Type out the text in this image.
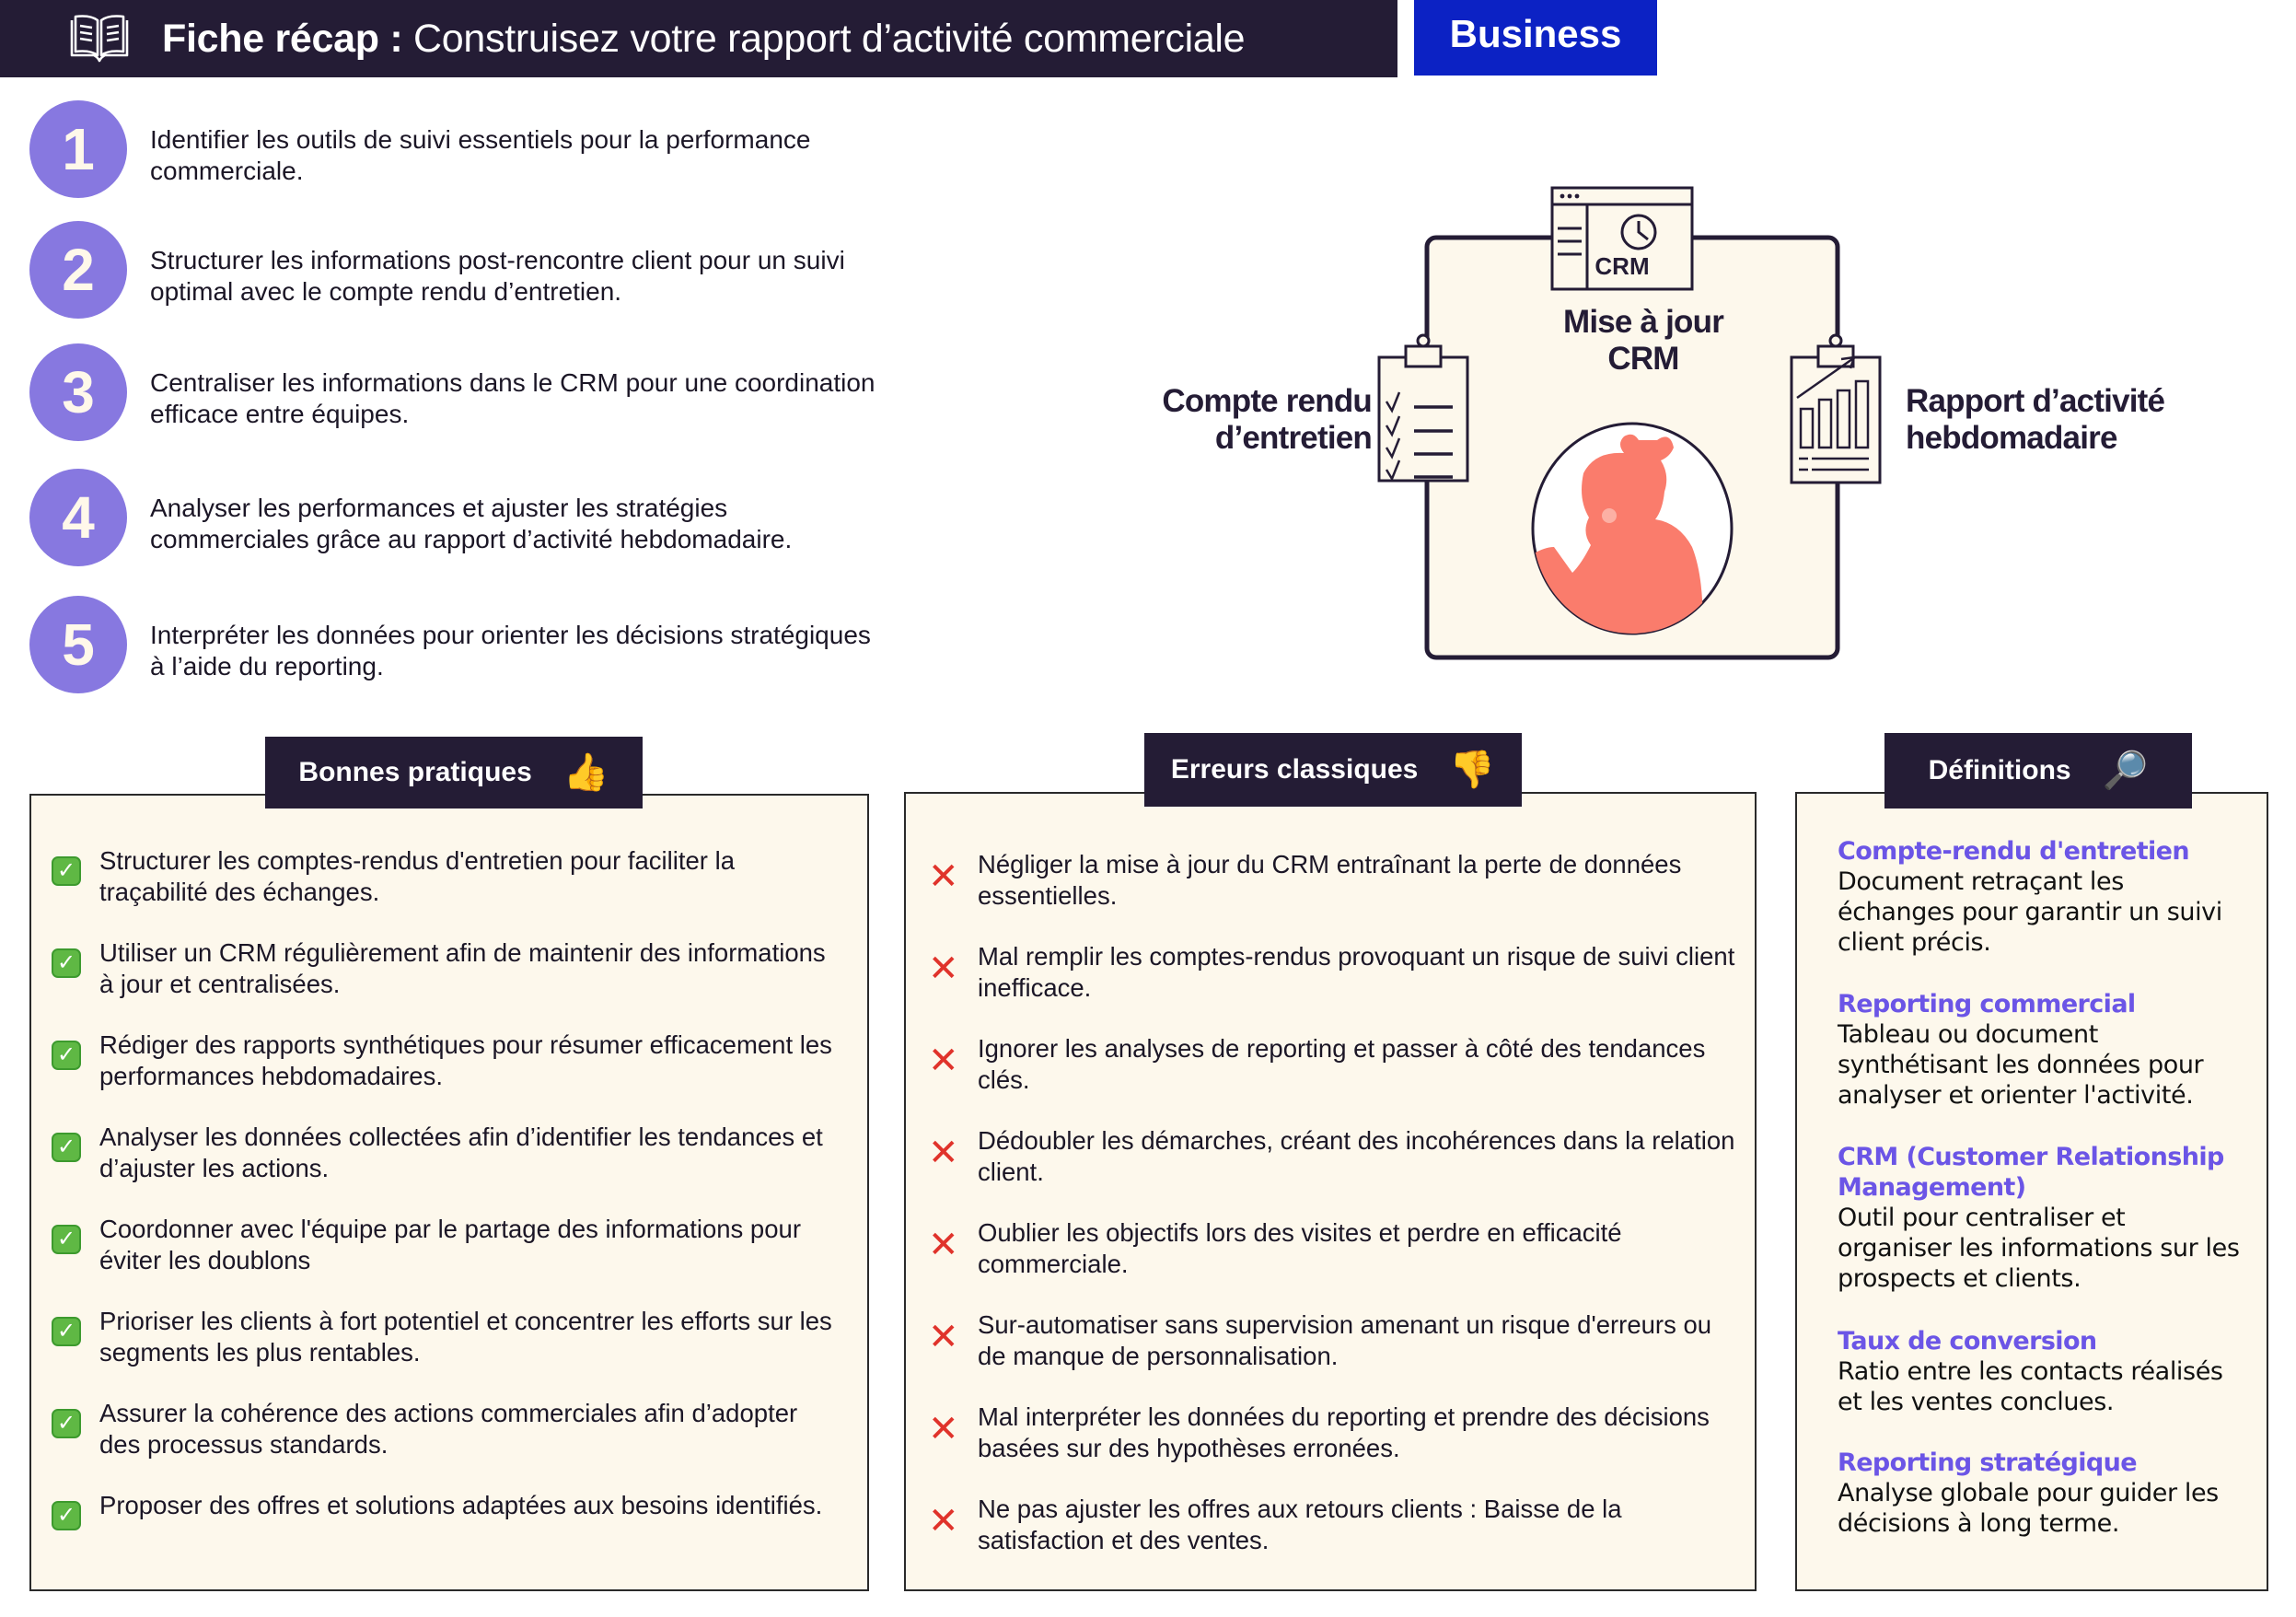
Fiche récap : Construisez votre rapport d’activité commerciale	Business
1	Identifier les outils de suivi essentiels pour la performance commerciale.
2	Structurer les informations post-rencontre client pour un suivi optimal avec le compte rendu d’entretien.
3	Centraliser les informations dans le CRM pour une coordination efficace entre équipes.
4	Analyser les performances et ajuster les stratégies commerciales grâce au rapport d’activité hebdomadaire.
5	Interpréter les données pour orienter les décisions stratégiques à l’aide du reporting.
CRM
Mise à jour
CRM
Compte rendu
d’entretien
Rapport d’activité
hebdomadaire
✓ Structurer les comptes-rendus d'entretien pour faciliter la traçabilité des échanges.
✓ Utiliser un CRM régulièrement afin de maintenir des informations à jour et centralisées.
✓ Rédiger des rapports synthétiques pour résumer efficacement les performances hebdomadaires.
✓ Analyser les données collectées afin d’identifier les tendances et d’ajuster les actions.
✓ Coordonner avec l'équipe par le partage des informations pour éviter les doublons
✓ Prioriser les clients à fort potentiel et concentrer les efforts sur les segments les plus rentables.
✓ Assurer la cohérence des actions commerciales afin d’adopter des processus standards.
✓ Proposer des offres et solutions adaptées aux besoins identifiés.
Bonnes pratiques 👍
✕ Négliger la mise à jour du CRM entraînant la perte de données essentielles.
✕ Mal remplir les comptes-rendus provoquant un risque de suivi client inefficace.
✕ Ignorer les analyses de reporting et passer à côté des tendances clés.
✕ Dédoubler les démarches, créant des incohérences dans la relation client.
✕ Oublier les objectifs lors des visites et perdre en efficacité commerciale.
✕ Sur-automatiser sans supervision amenant un risque d'erreurs ou de manque de personnalisation.
✕ Mal interpréter les données du reporting et prendre des décisions basées sur des hypothèses erronées.
✕ Ne pas ajuster les offres aux retours clients : Baisse de la satisfaction et des ventes.
Erreurs classiques 👎
Compte-rendu d'entretien
Document retraçant les échanges pour garantir un suivi client précis.
Reporting commercial
Tableau ou document synthétisant les données pour analyser et orienter l'activité.
CRM (Customer Relationship Management)
Outil pour centraliser et organiser les informations sur les prospects et clients.
Taux de conversion
Ratio entre les contacts réalisés et les ventes conclues.
Reporting stratégique
Analyse globale pour guider les décisions à long terme.
Définitions 🔎
